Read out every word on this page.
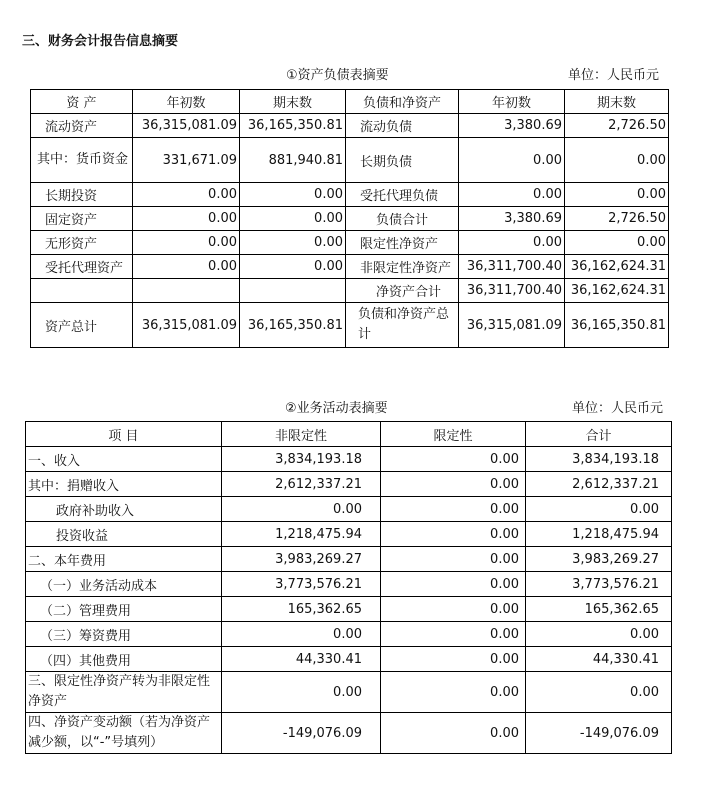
三、财务会计报告信息摘要
①资产负债表摘要	单位：人民币元
资 产	年初数	期末数	负债和净资产	年初数	期末数
流动资产	36,315,081.09	36,165,350.81	流动负债	3,380.69	2,726.50
其中：货币资金	331,671.09	881,940.81	长期负债	0.00	0.00
长期投资	0.00	0.00	受托代理负债	0.00	0.00
固定资产	0.00	0.00	负债合计	3,380.69	2,726.50
无形资产	0.00	0.00	限定性净资产	0.00	0.00
受托代理资产	0.00	0.00	非限定性净资产	36,311,700.40	36,162,624.31
			净资产合计	36,311,700.40	36,162,624.31
资产总计	36,315,081.09	36,165,350.81	负债和净资产总计	36,315,081.09	36,165,350.81
②业务活动表摘要	单位：人民币元
项 目	非限定性	限定性	合计
一、收入	3,834,193.18	0.00	3,834,193.18
其中：捐赠收入	2,612,337.21	0.00	2,612,337.21
政府补助收入	0.00	0.00	0.00
投资收益	1,218,475.94	0.00	1,218,475.94
二、本年费用	3,983,269.27	0.00	3,983,269.27
（一）业务活动成本	3,773,576.21	0.00	3,773,576.21
（二）管理费用	165,362.65	0.00	165,362.65
（三）筹资费用	0.00	0.00	0.00
（四）其他费用	44,330.41	0.00	44,330.41
三、限定性净资产转为非限定性净资产	0.00	0.00	0.00
四、净资产变动额（若为净资产减少额，以“-”号填列）	-149,076.09	0.00	-149,076.09
